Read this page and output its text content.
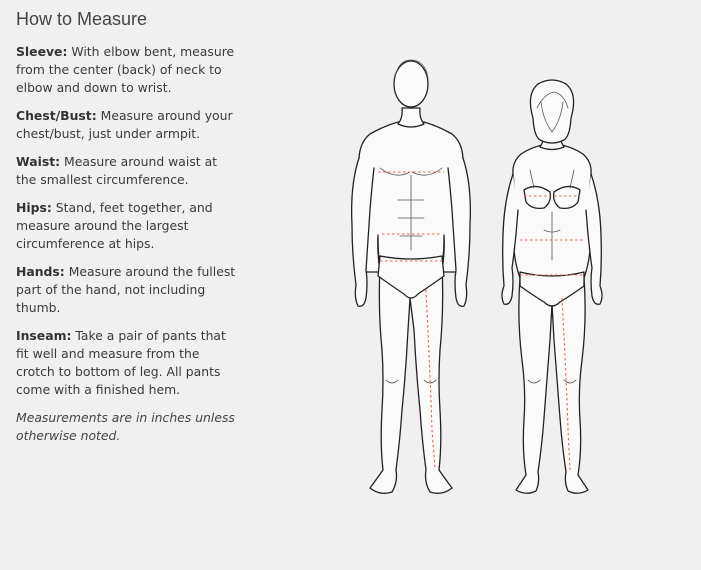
How to Measure

Sleeve: With elbow bent, measure from the center (back) of neck to elbow and down to wrist.

Chest/Bust: Measure around your chest/bust, just under armpit.

Waist: Measure around waist at the smallest circumference.

Hips: Stand, feet together, and measure around the largest circumference at hips.

Hands: Measure around the fullest part of the hand, not including thumb.

Inseam: Take a pair of pants that fit well and measure from the crotch to bottom of leg. All pants come with a finished hem.

Measurements are in inches unless otherwise noted.
